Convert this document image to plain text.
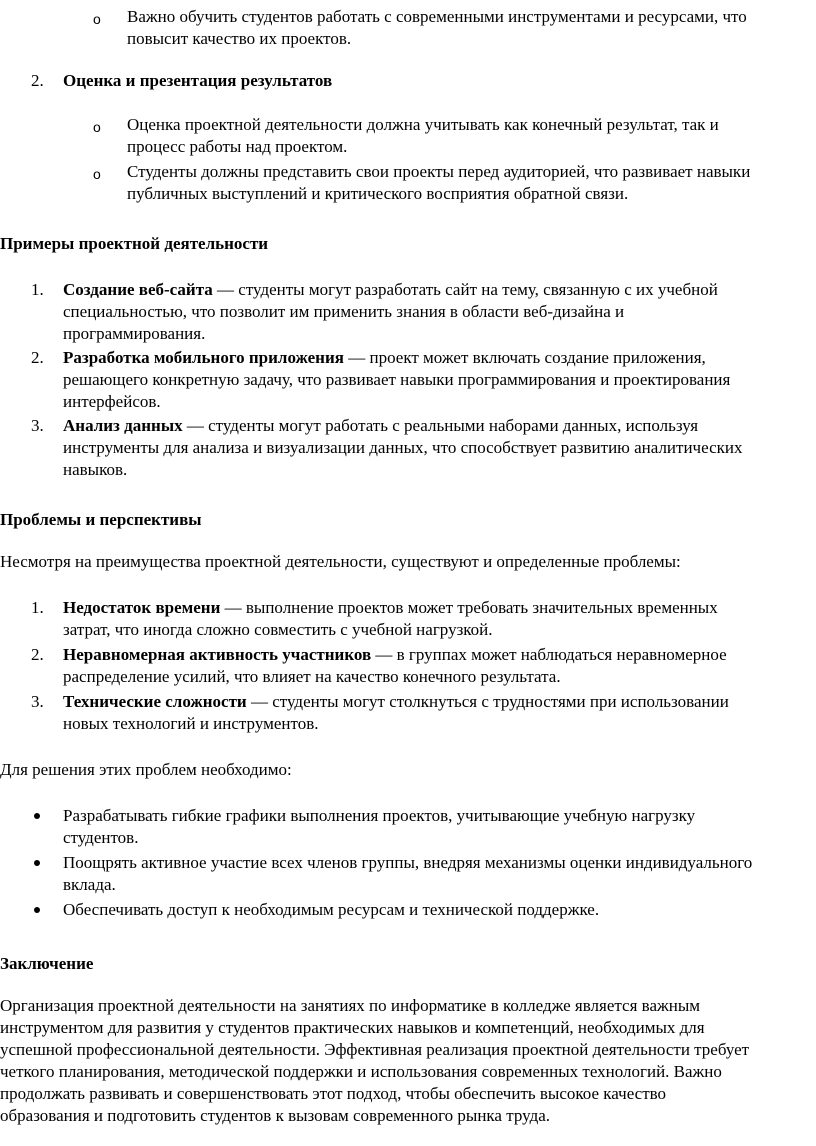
o Важно обучить студентов работать с современными инструментами и ресурсами, что
повысит качество их проектов.
2. Оценка и презентация результатов
o Оценка проектной деятельности должна учитывать как конечный результат, так и
процесс работы над проектом.
o Студенты должны представить свои проекты перед аудиторией, что развивает навыки
публичных выступлений и критического восприятия обратной связи.
Примеры проектной деятельности
1. Создание веб-сайта — студенты могут разработать сайт на тему, связанную с их учебной
специальностью, что позволит им применить знания в области веб-дизайна и
программирования.
2. Разработка мобильного приложения — проект может включать создание приложения,
решающего конкретную задачу, что развивает навыки программирования и проектирования
интерфейсов.
3. Анализ данных — студенты могут работать с реальными наборами данных, используя
инструменты для анализа и визуализации данных, что способствует развитию аналитических
навыков.
Проблемы и перспективы
Несмотря на преимущества проектной деятельности, существуют и определенные проблемы:
1. Недостаток времени — выполнение проектов может требовать значительных временных
затрат, что иногда сложно совместить с учебной нагрузкой.
2. Неравномерная активность участников — в группах может наблюдаться неравномерное
распределение усилий, что влияет на качество конечного результата.
3. Технические сложности — студенты могут столкнуться с трудностями при использовании
новых технологий и инструментов.
Для решения этих проблем необходимо:
Разрабатывать гибкие графики выполнения проектов, учитывающие учебную нагрузку
студентов.
Поощрять активное участие всех членов группы, внедряя механизмы оценки индивидуального
вклада.
Обеспечивать доступ к необходимым ресурсам и технической поддержке.
Заключение
Организация проектной деятельности на занятиях по информатике в колледже является важным
инструментом для развития у студентов практических навыков и компетенций, необходимых для
успешной профессиональной деятельности. Эффективная реализация проектной деятельности требует
четкого планирования, методической поддержки и использования современных технологий. Важно
продолжать развивать и совершенствовать этот подход, чтобы обеспечить высокое качество
образования и подготовить студентов к вызовам современного рынка труда.
